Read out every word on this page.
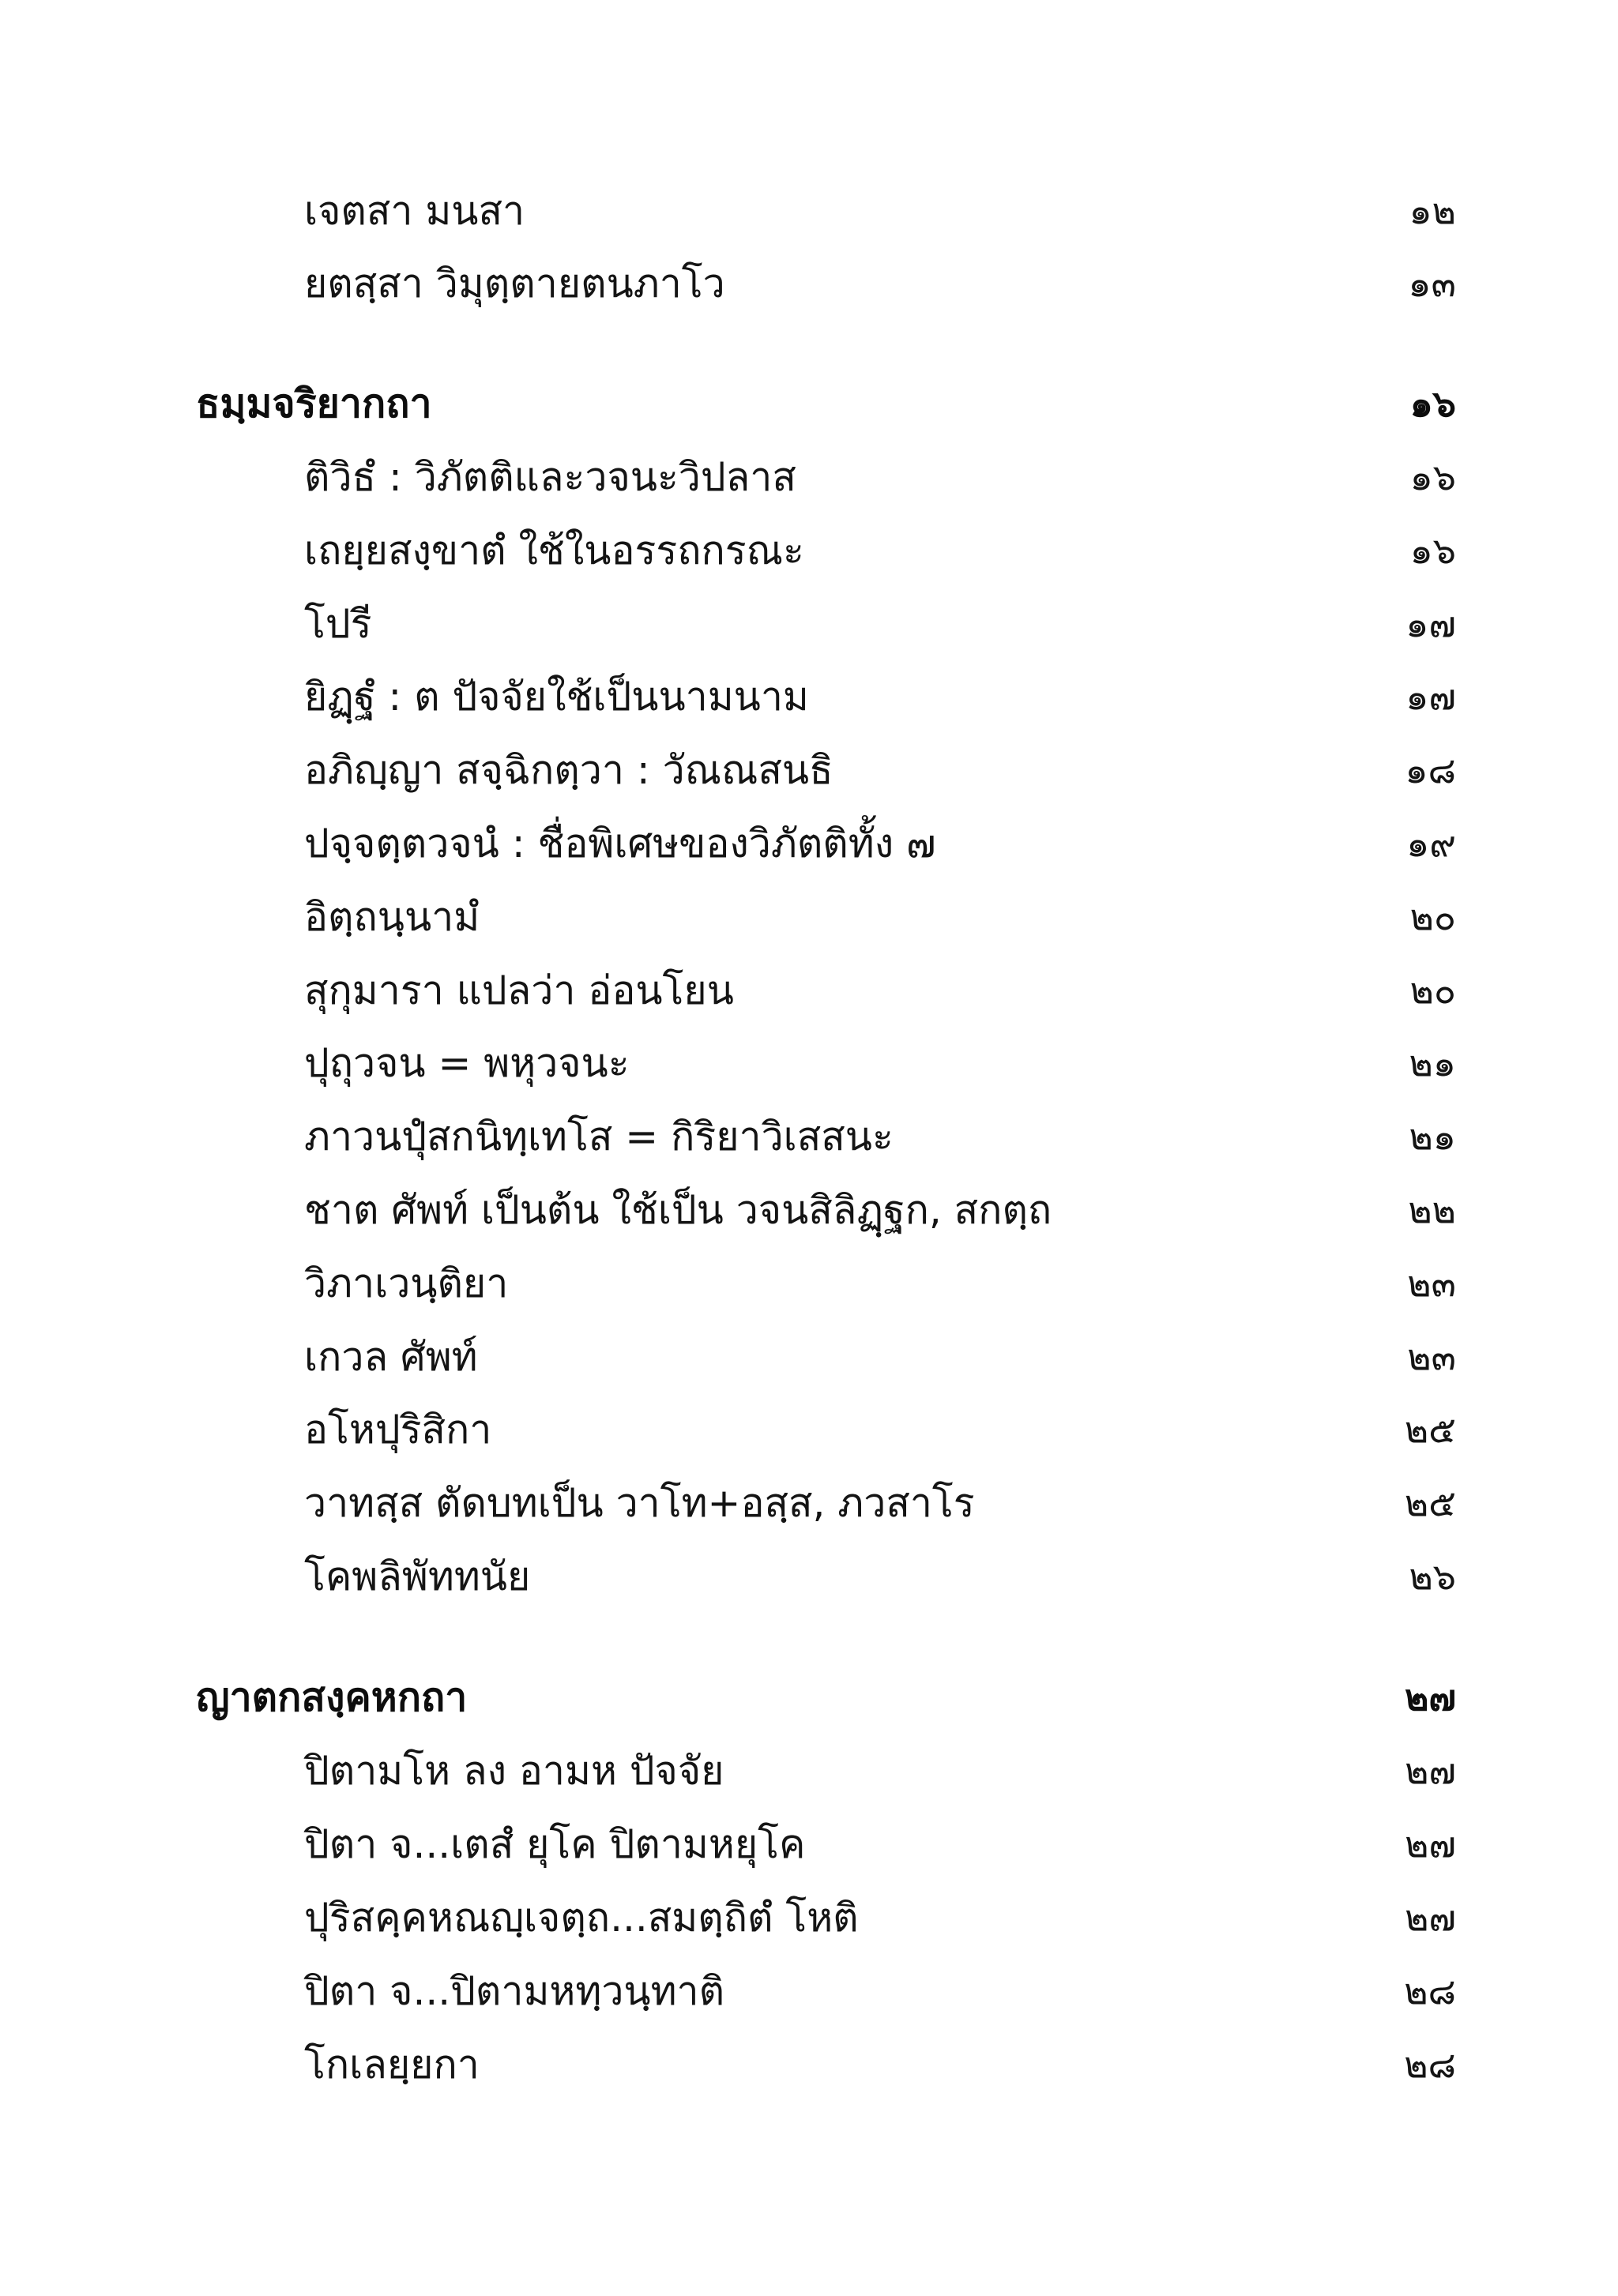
เจตสา มนสา	๑๒
ยตสฺสา วิมุตฺตายตนภาโว	๑๓
ธมฺมจริยากถา	๑๖
ติวิธํ : วิภัตติและวจนะวิปลาส	๑๖
เถยฺยสงฺขาตํ ใช้ในอรรถกรณะ	๑๖
โปรี	๑๗
ยิฏฺฐํ : ต ปัจจัยใช้เป็นนามนาม	๑๗
อภิญฺญา สจฺฉิกตฺวา : วัณณสนธิ	๑๘
ปจฺจตฺตวจนํ : ชื่อพิเศษของวิภัตติทั้ง ๗	๑๙
อิตฺถนฺนามํ	๒๐
สุกุมารา แปลว่า อ่อนโยน	๒๐
ปุถุวจน = พหุวจนะ	๒๑
ภาวนปุํสกนิทฺเทโส = กิริยาวิเสสนะ	๒๑
ชาต ศัพท์ เป็นต้น ใช้เป็น วจนสิลิฏฺฐก, สกตฺถ	๒๒
วิภาเวนฺติยา	๒๓
เกวล ศัพท์	๒๓
อโหปุริสิกา	๒๕
วาทสฺส ตัดบทเป็น วาโท+อสฺส, ภวสาโร	๒๕
โคพลิพัททนัย	๒๖
ญาตกสงฺคหกถา	๒๗
ปิตามโห ลง อามห ปัจจัย	๒๗
ปิตา จ...เตสํ ยุโค ปิตามหยุโค	๒๗
ปุริสคฺคหณญฺเจตฺถ...สมตฺถิตํ โหติ	๒๗
ปิตา จ...ปิตามหทฺวนฺทาติ	๒๘
โกเลยฺยกา	๒๘
